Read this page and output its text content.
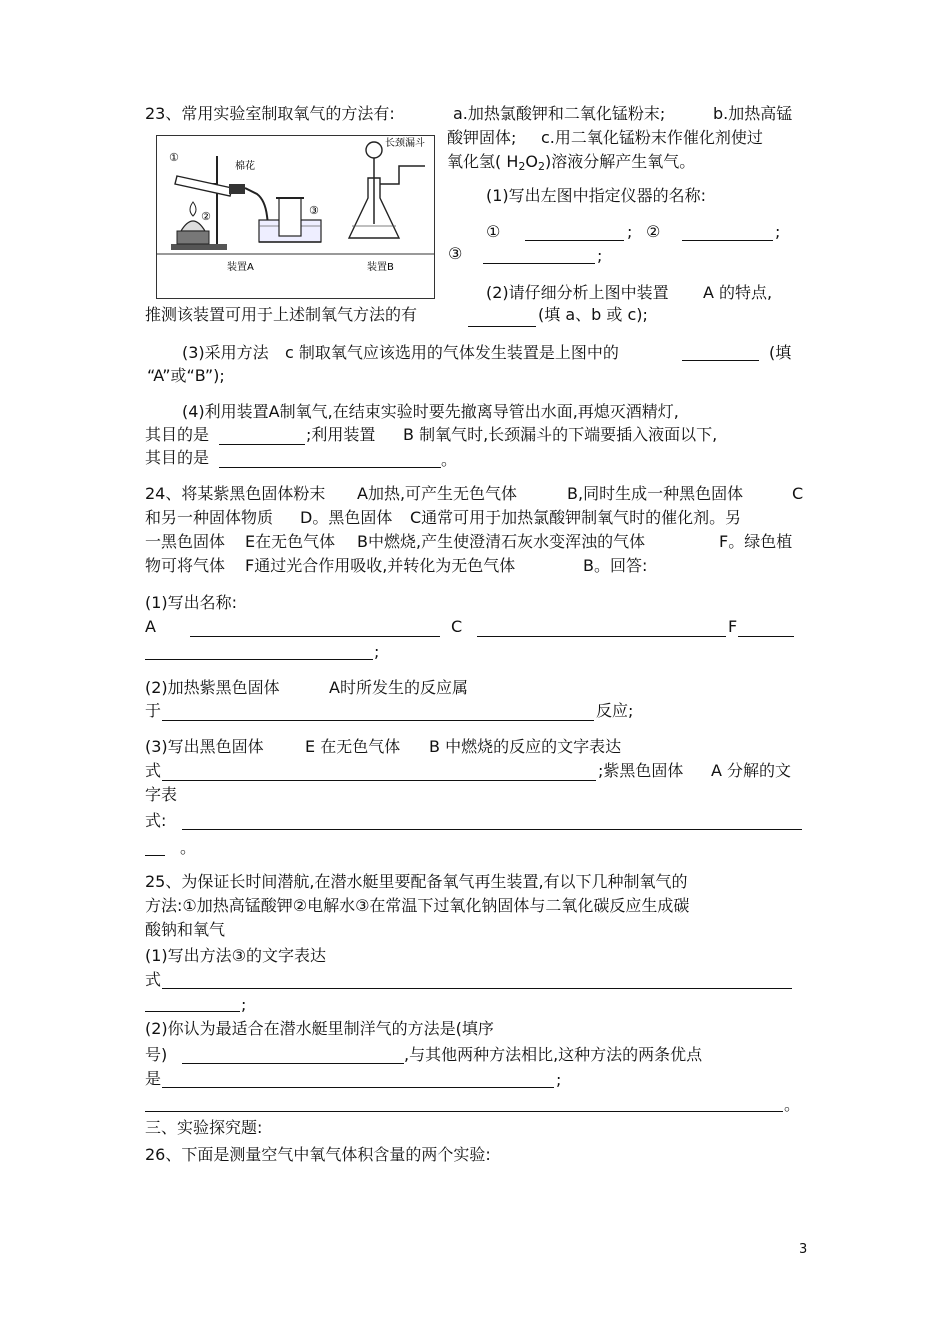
23、常用实验室制取氧气的方法有:	a.加热氯酸钾和二氧化锰粉末;	b.加热高锰
酸钾固体; c.用二氧化锰粉末作催化剂使过
氧化氢( $H_2O_2$)溶液分解产生氧气。
①
②	③
棉花
长颈漏斗
装置A	装置B
(1)写出左图中指定仪器的名称:
①	; ②	;
③	;
(2)请仔细分析上图中装置 A 的特点,
推测该装置可用于上述制氧气方法的有	(填 a、b 或 c);
(3)采用方法 c 制取氧气应该选用的气体发生装置是上图中的	(填
“A”或“B”);
(4)利用装置A制氧气,在结束实验时要先撤离导管出水面,再熄灭酒精灯,
其目的是	;利用装置 B 制氧气时,长颈漏斗的下端要插入液面以下,
其目的是	。
24、将某紫黑色固体粉末 A加热,可产生无色气体	B,同时生成一种黑色固体	C
和另一种固体物质 D。黑色固体 C通常可用于加热氯酸钾制氧气时的催化剂。另
一黑色固体 E在无色气体 B中燃烧,产生使澄清石灰水变浑浊的气体	F。绿色植
物可将气体 F通过光合作用吸收,并转化为无色气体	B。回答:
(1)写出名称:
A	C	F
;
(2)加热紫黑色固体	A时所发生的反应属
于	反应;
(3)写出黑色固体	E 在无色气体 B 中燃烧的反应的文字表达
式	;紫黑色固体 A 分解的文
字表
式:
。
25、为保证长时间潜航,在潜水艇里要配备氧气再生装置,有以下几种制氧气的
方法:①加热高锰酸钾②电解水③在常温下过氧化钠固体与二氧化碳反应生成碳
酸钠和氧气
(1)写出方法③的文字表达
式
;
(2)你认为最适合在潜水艇里制洋气的方法是(填序
号)	,与其他两种方法相比,这种方法的两条优点
是	;
。
三、实验探究题:
26、下面是测量空气中氧气体积含量的两个实验:
3
